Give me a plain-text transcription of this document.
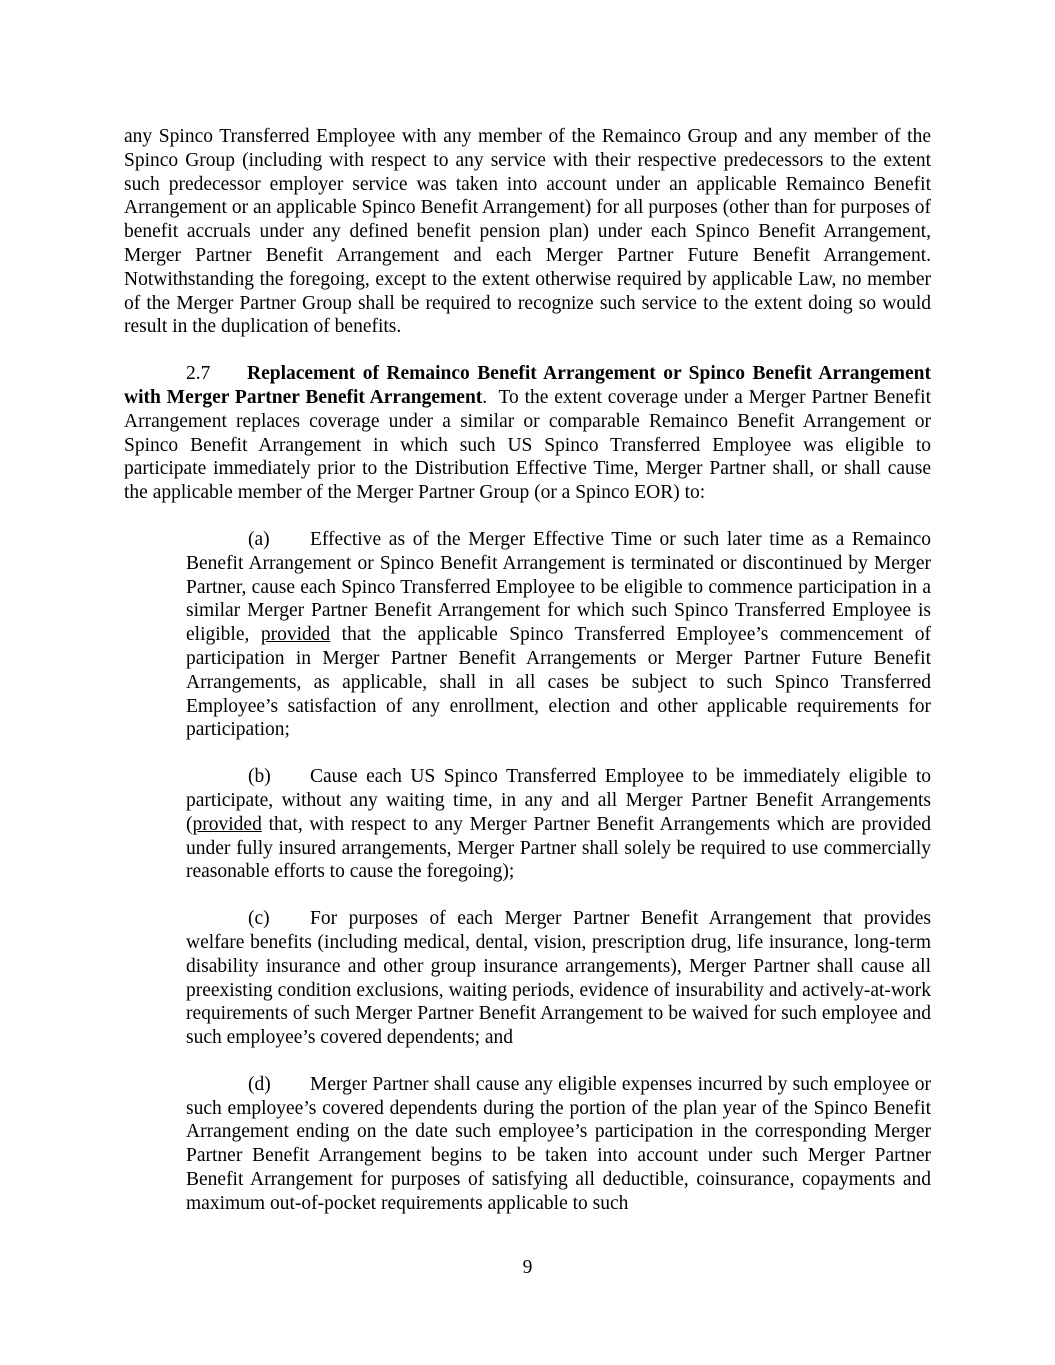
any Spinco Transferred Employee with any member of the Remainco Group and any member of the Spinco Group (including with respect to any service with their respective predecessors to the extent such predecessor employer service was taken into account under an applicable Remainco Benefit Arrangement or an applicable Spinco Benefit Arrangement) for all purposes (other than for purposes of benefit accruals under any defined benefit pension plan) under each Spinco Benefit Arrangement, Merger Partner Benefit Arrangement and each Merger Partner Future Benefit Arrangement. Notwithstanding the foregoing, except to the extent otherwise required by applicable Law, no member of the Merger Partner Group shall be required to recognize such service to the extent doing so would result in the duplication of benefits.

2.7 Replacement of Remainco Benefit Arrangement or Spinco Benefit Arrangement with Merger Partner Benefit Arrangement.  To the extent coverage under a Merger Partner Benefit Arrangement replaces coverage under a similar or comparable Remainco Benefit Arrangement or Spinco Benefit Arrangement in which such US Spinco Transferred Employee was eligible to participate immediately prior to the Distribution Effective Time, Merger Partner shall, or shall cause the applicable member of the Merger Partner Group (or a Spinco EOR) to:

(a) Effective as of the Merger Effective Time or such later time as a Remainco Benefit Arrangement or Spinco Benefit Arrangement is terminated or discontinued by Merger Partner, cause each Spinco Transferred Employee to be eligible to commence participation in a similar Merger Partner Benefit Arrangement for which such Spinco Transferred Employee is eligible, provided that the applicable Spinco Transferred Employee’s commencement of participation in Merger Partner Benefit Arrangements or Merger Partner Future Benefit Arrangements, as applicable, shall in all cases be subject to such Spinco Transferred Employee’s satisfaction of any enrollment, election and other applicable requirements for participation;

(b) Cause each US Spinco Transferred Employee to be immediately eligible to participate, without any waiting time, in any and all Merger Partner Benefit Arrangements (provided that, with respect to any Merger Partner Benefit Arrangements which are provided under fully insured arrangements, Merger Partner shall solely be required to use commercially reasonable efforts to cause the foregoing);

(c) For purposes of each Merger Partner Benefit Arrangement that provides welfare benefits (including medical, dental, vision, prescription drug, life insurance, long-term disability insurance and other group insurance arrangements), Merger Partner shall cause all preexisting condition exclusions, waiting periods, evidence of insurability and actively-at-work requirements of such Merger Partner Benefit Arrangement to be waived for such employee and such employee’s covered dependents; and

(d) Merger Partner shall cause any eligible expenses incurred by such employee or such employee’s covered dependents during the portion of the plan year of the Spinco Benefit Arrangement ending on the date such employee’s participation in the corresponding Merger Partner Benefit Arrangement begins to be taken into account under such Merger Partner Benefit Arrangement for purposes of satisfying all deductible, coinsurance, copayments and maximum out-of-pocket requirements applicable to such

9
